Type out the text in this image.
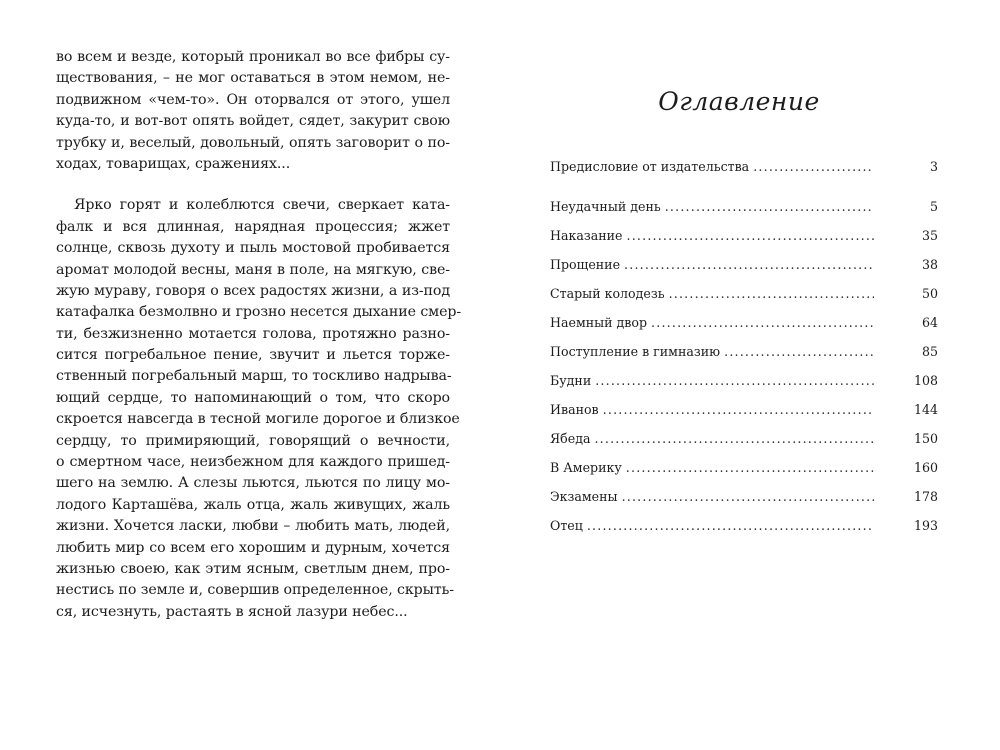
во всем и везде, который проникал во все фибры су-
ществования, – не мог оставаться в этом немом, не-
подвижном «чем-то». Он оторвался от этого, ушел
куда-то, и вот-вот опять войдет, сядет, закурит свою
трубку и, веселый, довольный, опять заговорит о по-
ходах, товарищах, сражениях...
Ярко горят и колеблются свечи, сверкает ката-
фалк и вся длинная, нарядная процессия; жжет
солнце, сквозь духоту и пыль мостовой пробивается
аромат молодой весны, маня в поле, на мягкую, све-
жую мураву, говоря о всех радостях жизни, а из-под
катафалка безмолвно и грозно несется дыхание смер-
ти, безжизненно мотается голова, протяжно разно-
сится погребальное пение, звучит и льется торже-
ственный погребальный марш, то тоскливо надрыва-
ющий сердце, то напоминающий о том, что скоро
скроется навсегда в тесной могиле дорогое и близкое
сердцу, то примиряющий, говорящий о вечности,
о смертном часе, неизбежном для каждого пришед-
шего на землю. А слезы льются, льются по лицу мо-
лодого Карташёва, жаль отца, жаль живущих, жаль
жизни. Хочется ласки, любви – любить мать, людей,
любить мир со всем его хорошим и дурным, хочется
жизнью своею, как этим ясным, светлым днем, про-
нестись по земле и, совершив определенное, скрыть-
ся, исчезнуть, растаять в ясной лазури небес...
Оглавление
Предисловие от издательства .....	3
Неудачный день .....	5
Наказание .....	35
Прощение .....	38
Старый колодезь .....	50
Наемный двор .....	64
Поступление в гимназию .....	85
Будни .....	108
Иванов .....	144
Ябеда .....	150
В Америку .....	160
Экзамены .....	178
Отец .....	193
